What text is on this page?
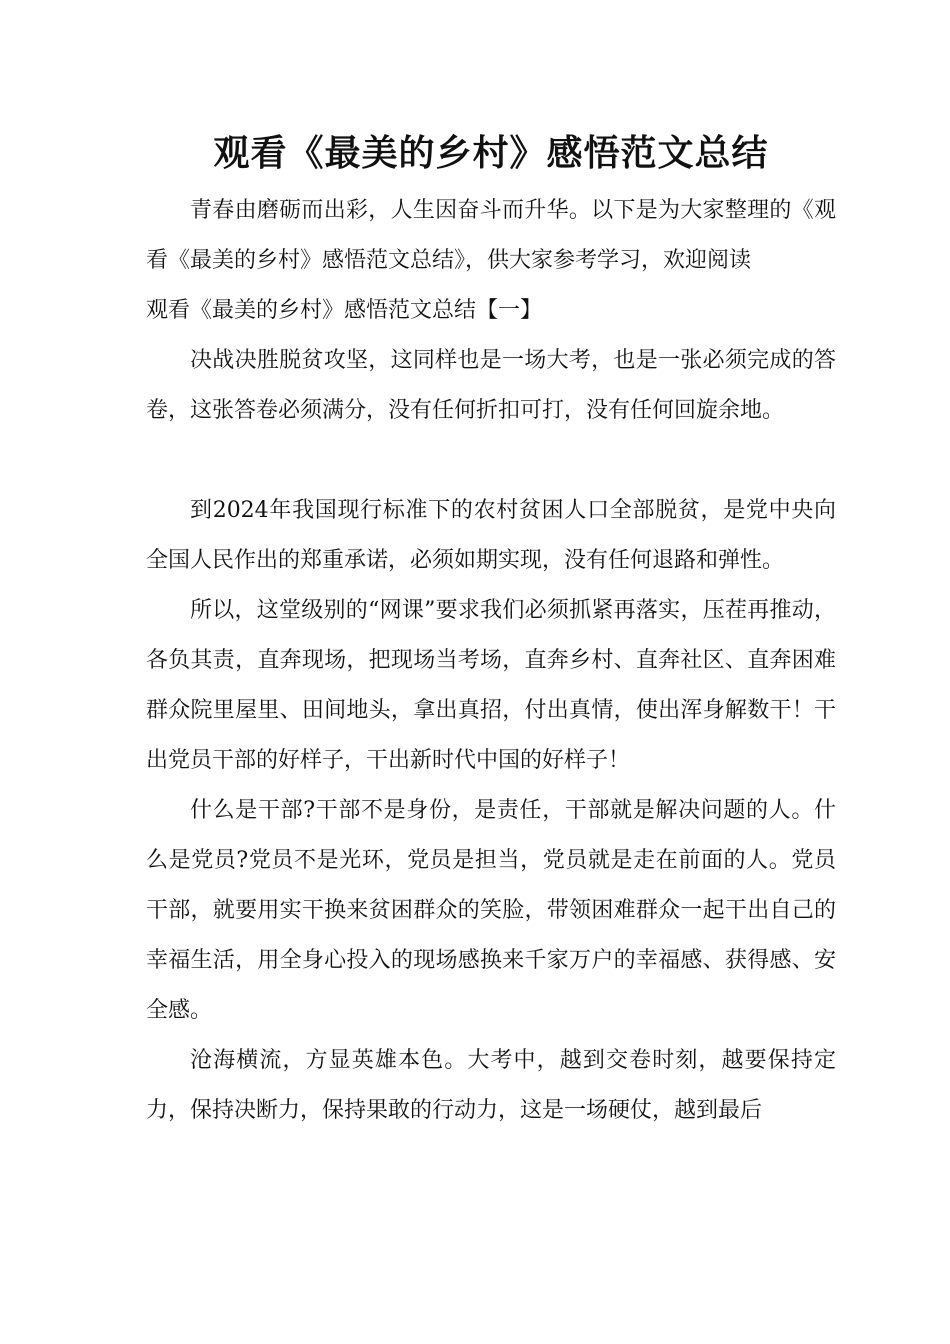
观看《最美的乡村》感悟范文总结

青春由磨砺而出彩，人生因奋斗而升华。以下是为大家整理的《观看《最美的乡村》感悟范文总结》，供大家参考学习，欢迎阅读

观看《最美的乡村》感悟范文总结【一】

决战决胜脱贫攻坚，这同样也是一场大考，也是一张必须完成的答卷，这张答卷必须满分，没有任何折扣可打，没有任何回旋余地。

到2024年我国现行标准下的农村贫困人口全部脱贫，是党中央向全国人民作出的郑重承诺，必须如期实现，没有任何退路和弹性。

所以，这堂级别的“网课”要求我们必须抓紧再落实，压茬再推动，各负其责，直奔现场，把现场当考场，直奔乡村、直奔社区、直奔困难群众院里屋里、田间地头，拿出真招，付出真情，使出浑身解数干！干出党员干部的好样子，干出新时代中国的好样子！

什么是干部?干部不是身份，是责任，干部就是解决问题的人。什么是党员?党员不是光环，党员是担当，党员就是走在前面的人。党员干部，就要用实干换来贫困群众的笑脸，带领困难群众一起干出自己的幸福生活，用全身心投入的现场感换来千家万户的幸福感、获得感、安全感。

沧海横流，方显英雄本色。大考中，越到交卷时刻，越要保持定力，保持决断力，保持果敢的行动力，这是一场硬仗，越到最后
